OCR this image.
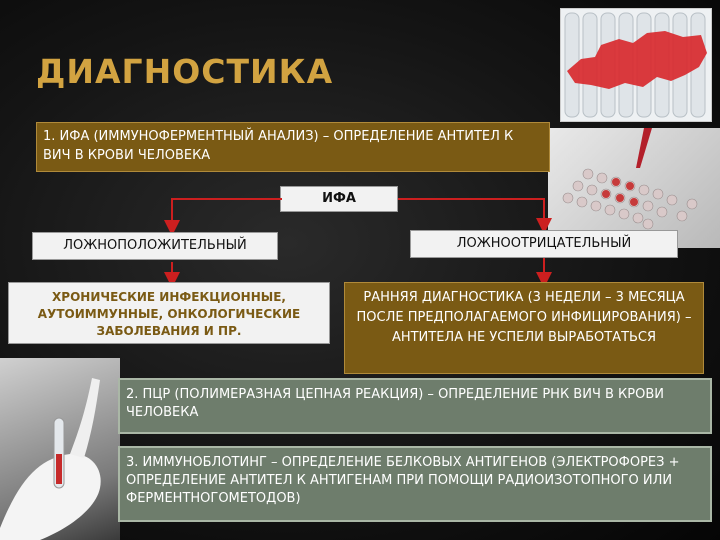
ДИАГНОСТИКА
1. ИФА (ИММУНОФЕРМЕНТНЫЙ АНАЛИЗ) – ОПРЕДЕЛЕНИЕ АНТИТЕЛ К ВИЧ В КРОВИ ЧЕЛОВЕКА
ИФА
ЛОЖНОПОЛОЖИТЕЛЬНЫЙ	ЛОЖНООТРИЦАТЕЛЬНЫЙ
ХРОНИЧЕСКИЕ ИНФЕКЦИОННЫЕ, АУТОИММУННЫЕ, ОНКОЛОГИЧЕСКИЕ ЗАБОЛЕВАНИЯ И ПР.
РАННЯЯ ДИАГНОСТИКА (3 НЕДЕЛИ – 3 МЕСЯЦА ПОСЛЕ ПРЕДПОЛАГАЕМОГО ИНФИЦИРОВАНИЯ) – АНТИТЕЛА НЕ УСПЕЛИ ВЫРАБОТАТЬСЯ
2. ПЦР (ПОЛИМЕРАЗНАЯ ЦЕПНАЯ РЕАКЦИЯ) – ОПРЕДЕЛЕНИЕ РНК ВИЧ В КРОВИ ЧЕЛОВЕКА
3. ИММУНОБЛОТИНГ – ОПРЕДЕЛЕНИЕ БЕЛКОВЫХ АНТИГЕНОВ (ЭЛЕКТРОФОРЕЗ + ОПРЕДЕЛЕНИЕ АНТИТЕЛ К АНТИГЕНАМ ПРИ ПОМОЩИ РАДИОИЗОТОПНОГО ИЛИ ФЕРМЕНТНОГОМЕТОДОВ)
